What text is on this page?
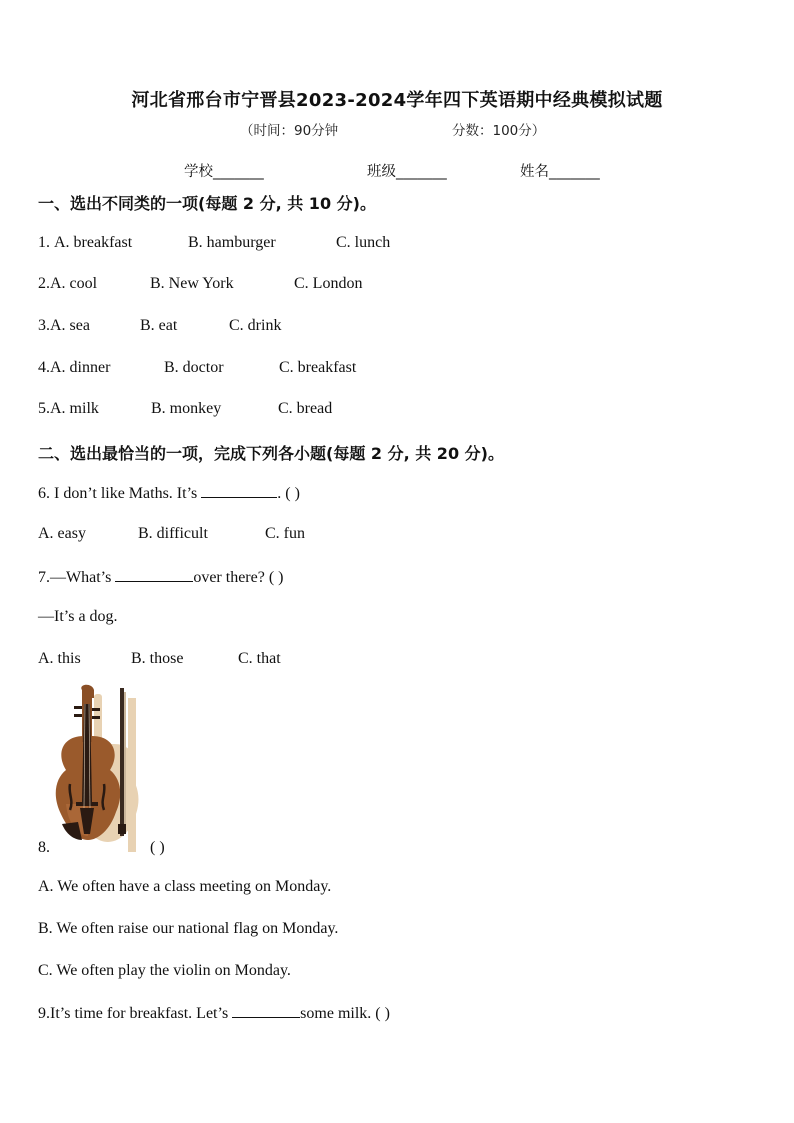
河北省邢台市宁晋县2023-2024学年四下英语期中经典模拟试题
（时间：90分钟	分数：100分）
学校_______	班级_______	姓名_______
一、选出不同类的一项(每题 2 分, 共 10 分)。
1. A. breakfast	B. hamburger	C. lunch
2.A. cool	B. New York	C. London
3.A. sea	B. eat	C. drink
4.A. dinner	B. doctor	C. breakfast
5.A. milk	B. monkey	C. bread
二、选出最恰当的一项，完成下列各小题(每题 2 分, 共 20 分)。
6. I don’t like Maths. It’s	. ( )
A. easy	B. difficult	C. fun
7.—What’s	over there? ( )
—It’s a dog.
A. this	B. those	C. that
8.	( )
A. We often have a class meeting on Monday.
B. We often raise our national flag on Monday.
C. We often play the violin on Monday.
9.It’s time for breakfast. Let’s	some milk. ( )
